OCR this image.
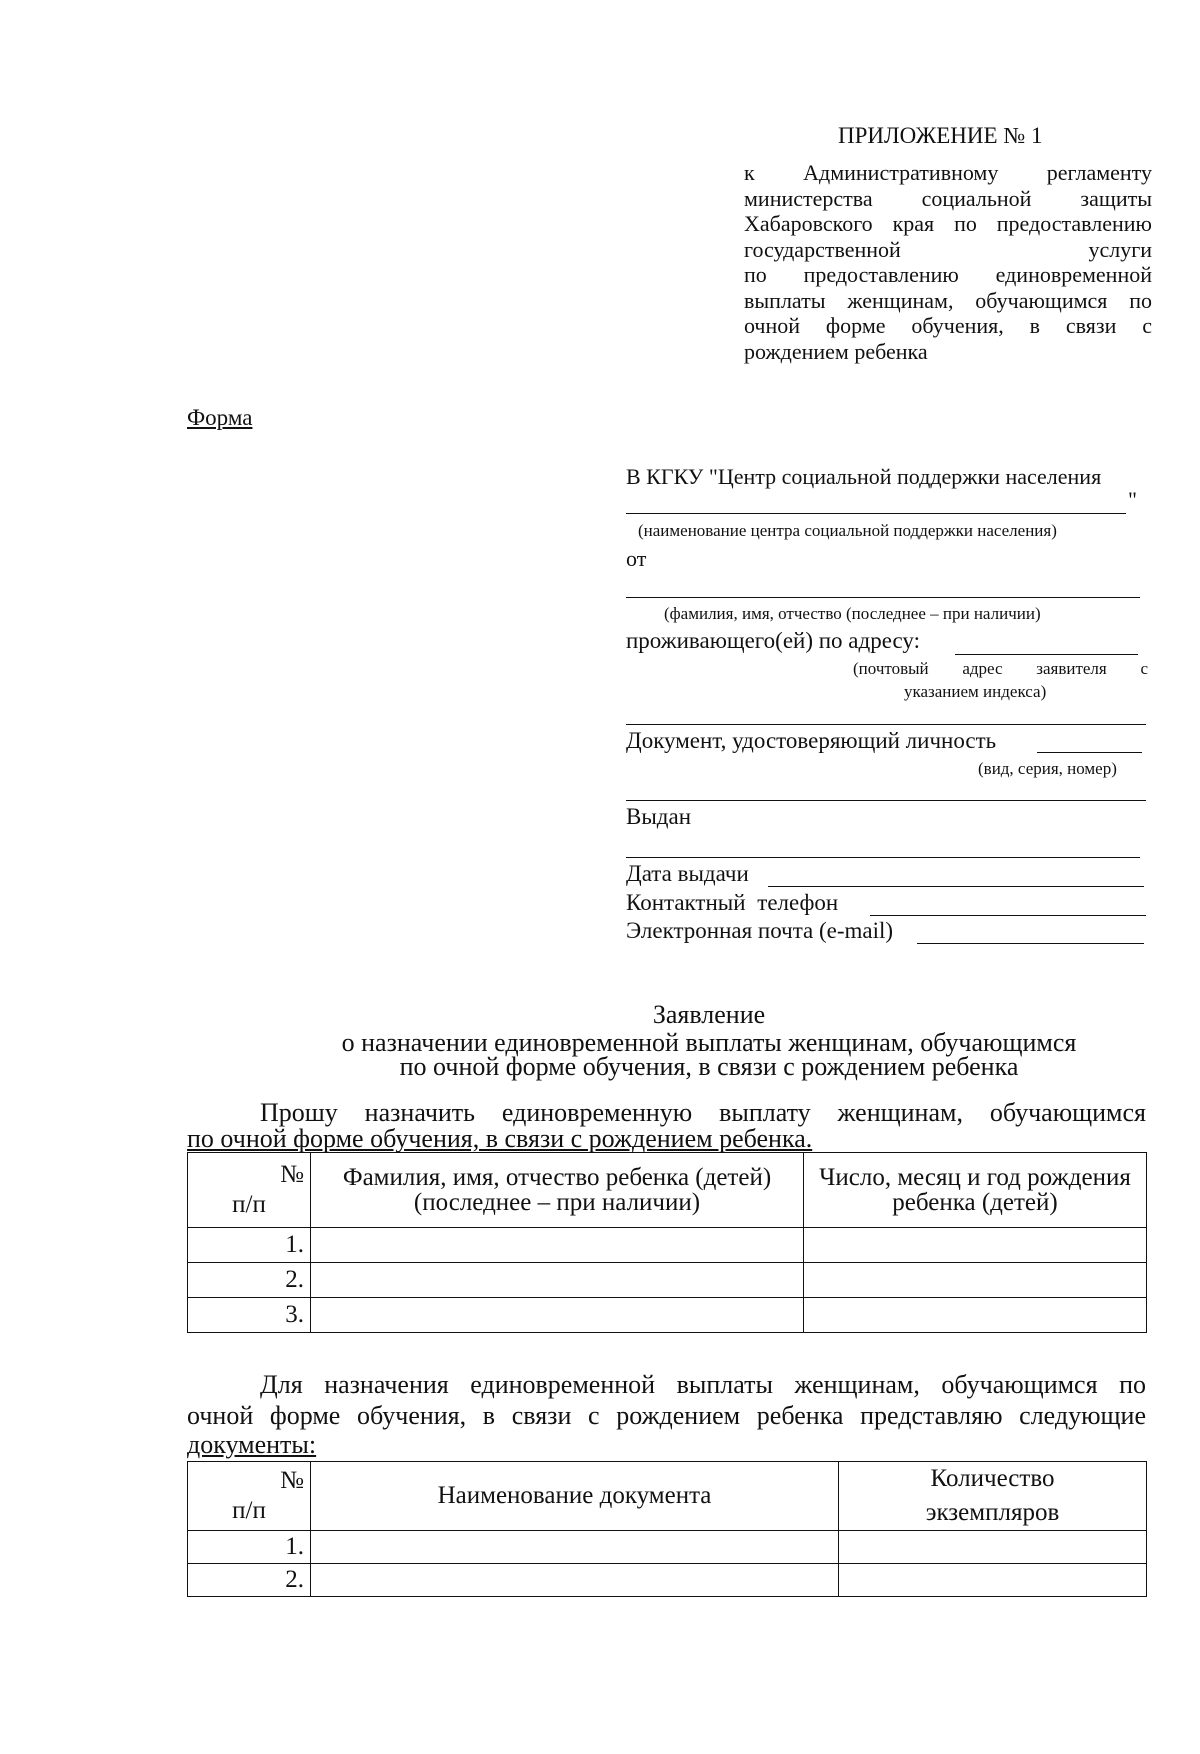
ПРИЛОЖЕНИЕ № 1
к Административному регламенту
министерства социальной защиты
Хабаровского края по предоставлению
государственной услуги
по предоставлению единовременной
выплаты женщинам, обучающимся по
очной форме обучения, в связи с
рождением ребенка
Форма
В КГКУ "Центр социальной поддержки населения
"
(наименование центра социальной поддержки населения)
от
(фамилия, имя, отчество (последнее – при наличии)
проживающего(ей) по адресу:
(почтовый адрес заявителя с
указанием индекса)
Документ, удостоверяющий личность
(вид, серия, номер)
Выдан
Дата выдачи
Контактный телефон
Электронная почта (e-mail)
Заявление
о назначении единовременной выплаты женщинам, обучающимся
по очной форме обучения, в связи с рождением ребенка
Прошу назначить единовременную выплату женщинам, обучающимся
по очной форме обучения, в связи с рождением ребенка.
№
п/п	Фамилия, имя, отчество ребенка (детей) (последнее – при наличии)	Число, месяц и год рождения ребенка (детей)
1.		
2.		
3.		
Для назначения единовременной выплаты женщинам, обучающимся по
очной форме обучения, в связи с рождением ребенка представляю следующие
документы:
№
п/п	Наименование документа	Количество экземпляров
1.		
2.		
